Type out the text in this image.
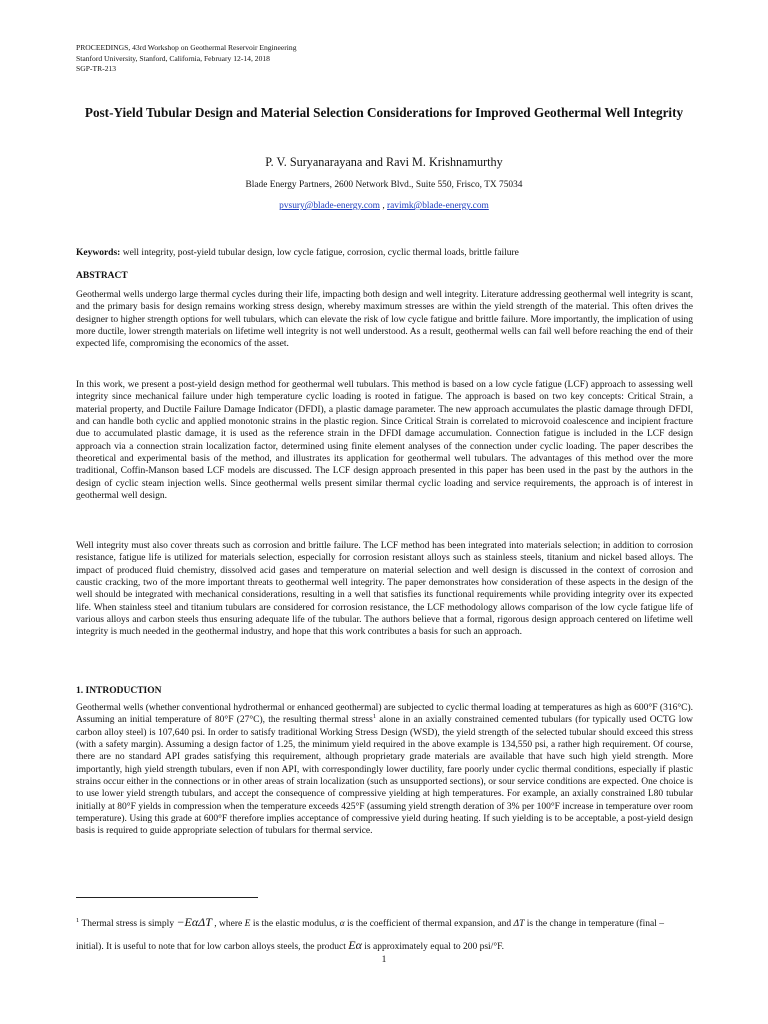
PROCEEDINGS, 43rd Workshop on Geothermal Reservoir Engineering
Stanford University, Stanford, California, February 12-14, 2018
SGP-TR-213
Post-Yield Tubular Design and Material Selection Considerations for Improved Geothermal Well Integrity
P. V. Suryanarayana and Ravi M. Krishnamurthy
Blade Energy Partners, 2600 Network Blvd., Suite 550, Frisco, TX 75034
pvsury@blade-energy.com , ravimk@blade-energy.com
Keywords: well integrity, post-yield tubular design, low cycle fatigue, corrosion, cyclic thermal loads, brittle failure
ABSTRACT
Geothermal wells undergo large thermal cycles during their life, impacting both design and well integrity. Literature addressing geothermal well integrity is scant, and the primary basis for design remains working stress design, whereby maximum stresses are within the yield strength of the material. This often drives the designer to higher strength options for well tubulars, which can elevate the risk of low cycle fatigue and brittle failure. More importantly, the implication of using more ductile, lower strength materials on lifetime well integrity is not well understood. As a result, geothermal wells can fail well before reaching the end of their expected life, compromising the economics of the asset.
In this work, we present a post-yield design method for geothermal well tubulars. This method is based on a low cycle fatigue (LCF) approach to assessing well integrity since mechanical failure under high temperature cyclic loading is rooted in fatigue. The approach is based on two key concepts: Critical Strain, a material property, and Ductile Failure Damage Indicator (DFDI), a plastic damage parameter. The new approach accumulates the plastic damage through DFDI, and can handle both cyclic and applied monotonic strains in the plastic region. Since Critical Strain is correlated to microvoid coalescence and incipient fracture due to accumulated plastic damage, it is used as the reference strain in the DFDI damage accumulation. Connection fatigue is included in the LCF design approach via a connection strain localization factor, determined using finite element analyses of the connection under cyclic loading. The paper describes the theoretical and experimental basis of the method, and illustrates its application for geothermal well tubulars. The advantages of this method over the more traditional, Coffin-Manson based LCF models are discussed. The LCF design approach presented in this paper has been used in the past by the authors in the design of cyclic steam injection wells. Since geothermal wells present similar thermal cyclic loading and service requirements, the approach is of interest in geothermal well design.
Well integrity must also cover threats such as corrosion and brittle failure. The LCF method has been integrated into materials selection; in addition to corrosion resistance, fatigue life is utilized for materials selection, especially for corrosion resistant alloys such as stainless steels, titanium and nickel based alloys. The impact of produced fluid chemistry, dissolved acid gases and temperature on material selection and well design is discussed in the context of corrosion and caustic cracking, two of the more important threats to geothermal well integrity. The paper demonstrates how consideration of these aspects in the design of the well should be integrated with mechanical considerations, resulting in a well that satisfies its functional requirements while providing integrity over its expected life. When stainless steel and titanium tubulars are considered for corrosion resistance, the LCF methodology allows comparison of the low cycle fatigue life of various alloys and carbon steels thus ensuring adequate life of the tubular. The authors believe that a formal, rigorous design approach centered on lifetime well integrity is much needed in the geothermal industry, and hope that this work contributes a basis for such an approach.
1. INTRODUCTION
Geothermal wells (whether conventional hydrothermal or enhanced geothermal) are subjected to cyclic thermal loading at temperatures as high as 600°F (316°C). Assuming an initial temperature of 80°F (27°C), the resulting thermal stress$^1$ alone in an axially constrained cemented tubulars (for typically used OCTG low carbon alloy steel) is 107,640 psi. In order to satisfy traditional Working Stress Design (WSD), the yield strength of the selected tubular should exceed this stress (with a safety margin). Assuming a design factor of 1.25, the minimum yield required in the above example is 134,550 psi, a rather high requirement. Of course, there are no standard API grades satisfying this requirement, although proprietary grade materials are available that have such high yield strength. More importantly, high yield strength tubulars, even if non API, with correspondingly lower ductility, fare poorly under cyclic thermal conditions, especially if plastic strains occur either in the connections or in other areas of strain localization (such as unsupported sections), or sour service conditions are expected. One choice is to use lower yield strength tubulars, and accept the consequence of compressive yielding at high temperatures. For example, an axially constrained L80 tubular initially at 80°F yields in compression when the temperature exceeds 425°F (assuming yield strength deration of 3% per 100°F increase in temperature over room temperature). Using this grade at 600°F therefore implies acceptance of compressive yield during heating. If such yielding is to be acceptable, a post-yield design basis is required to guide appropriate selection of tubulars for thermal service.
$^1$ Thermal stress is simply −EαΔT , where E is the elastic modulus, α is the coefficient of thermal expansion, and ΔT is the change in temperature (final – initial). It is useful to note that for low carbon alloys steels, the product Eα is approximately equal to 200 psi/°F.
1
